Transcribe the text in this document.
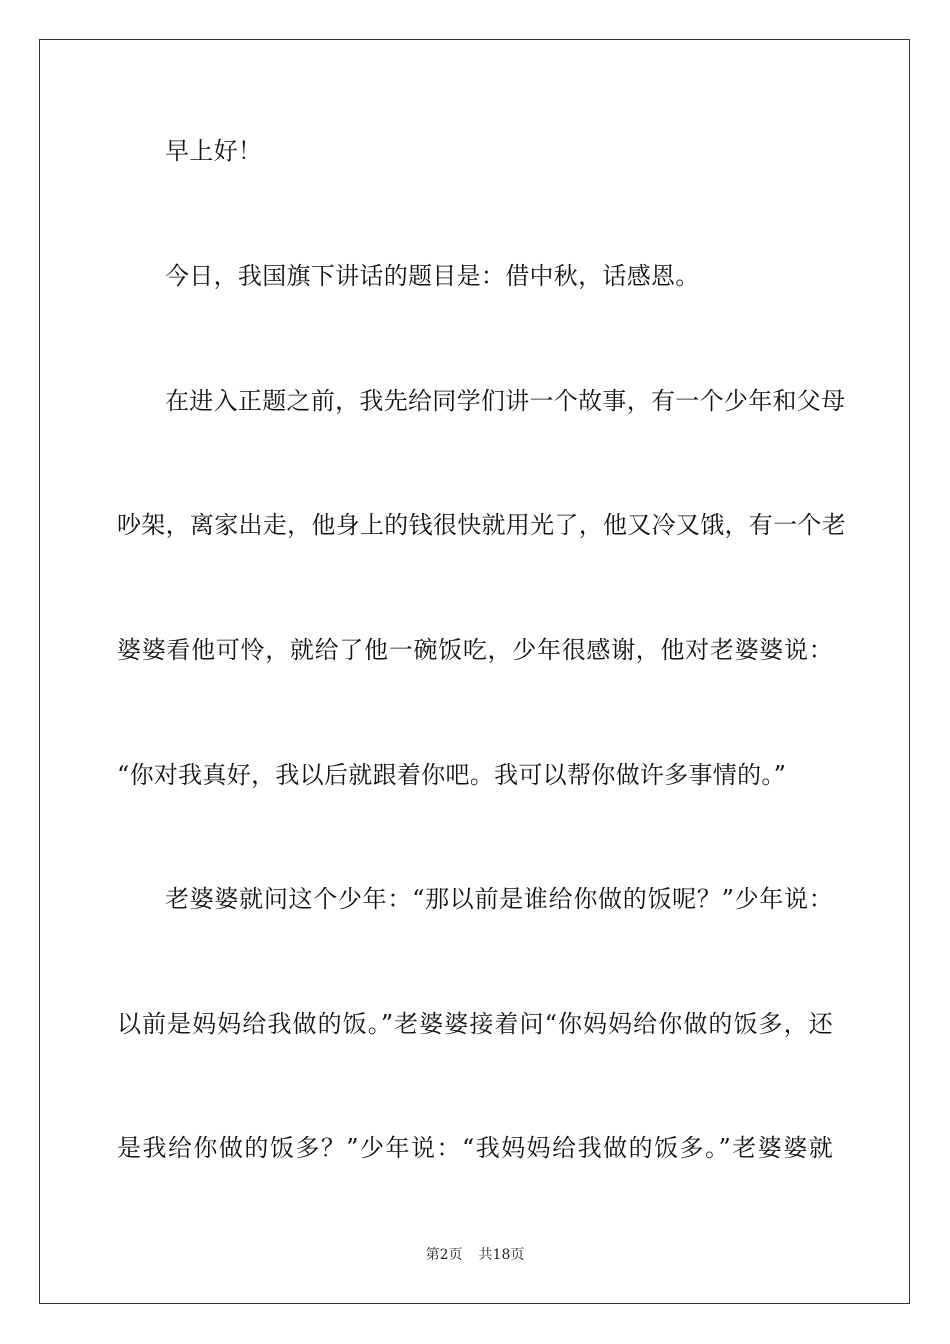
早上好！
今日，我国旗下讲话的题目是：借中秋，话感恩。
在进入正题之前，我先给同学们讲一个故事，有一个少年和父母
吵架，离家出走，他身上的钱很快就用光了，他又冷又饿，有一个老
婆婆看他可怜，就给了他一碗饭吃，少年很感谢，他对老婆婆说：
“你对我真好，我以后就跟着你吧。我可以帮你做许多事情的。”
老婆婆就问这个少年：“那以前是谁给你做的饭呢？”少年说：
以前是妈妈给我做的饭。”老婆婆接着问“你妈妈给你做的饭多，还
是我给你做的饭多？”少年说：“我妈妈给我做的饭多。”老婆婆就
第2页 共18页
